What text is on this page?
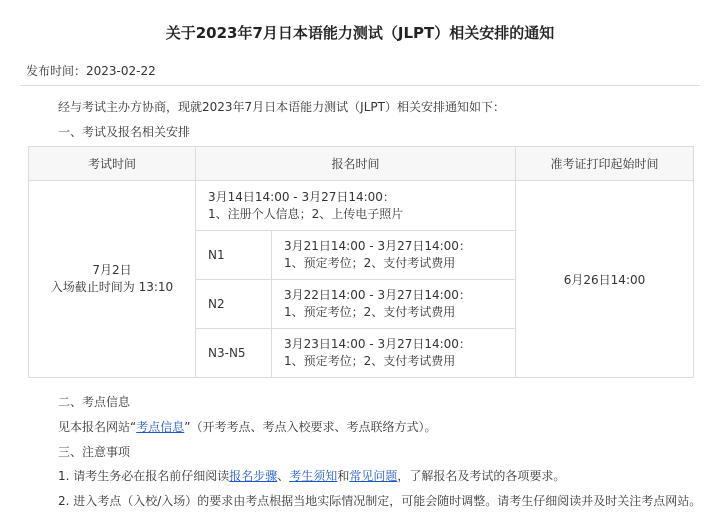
关于2023年7月日本语能力测试（JLPT）相关安排的通知
发布时间：2023-02-22
经与考试主办方协商，现就2023年7月日本语能力测试（JLPT）相关安排通知如下：
一、考试及报名相关安排
考试时间	报名时间		准考证打印起始时间

7月2日
入场截止时间为 13:10	3月14日14:00 - 3月27日14:00：
1、注册个人信息；2、上传电子照片		6月26日14:00
	N1	3月21日14:00 - 3月27日14:00：
1、预定考位；2、支付考试费用	

	N2	3月22日14:00 - 3月27日14:00：
1、预定考位；2、支付考试费用	

	N3-N5	3月23日14:00 - 3月27日14:00：
1、预定考位；2、支付考试费用	
二、考点信息
见本报名网站“考点信息”（开考考点、考点入校要求、考点联络方式）。
三、注意事项
1. 请考生务必在报名前仔细阅读报名步骤、考生须知和常见问题，了解报名及考试的各项要求。
2. 进入考点（入校/入场）的要求由考点根据当地实际情况制定，可能会随时调整。请考生仔细阅读并及时关注考点网站。
